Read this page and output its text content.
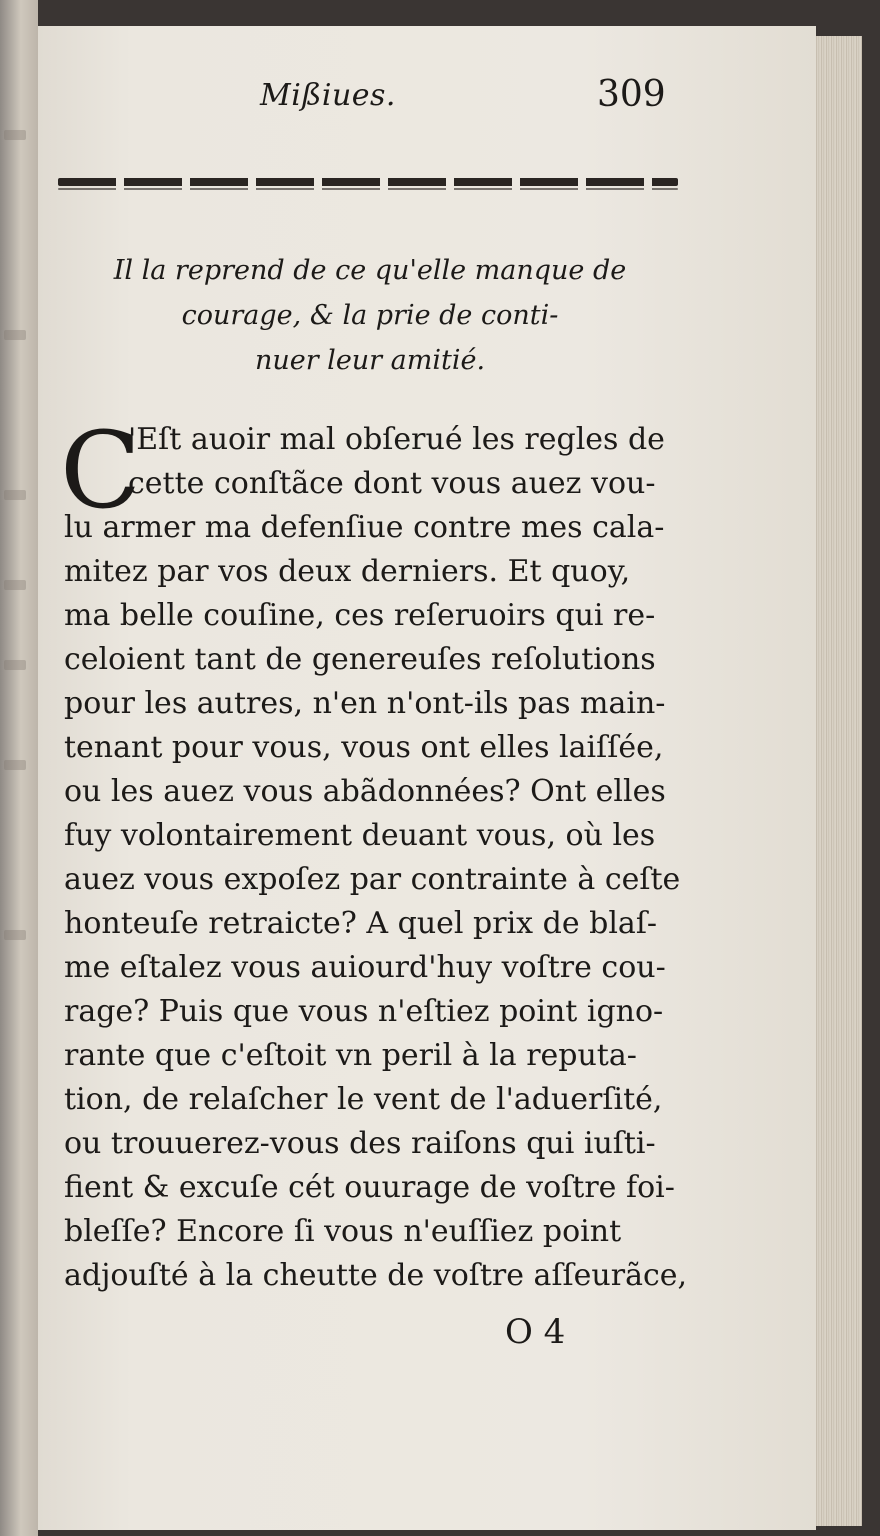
Mißiues.	309
Il la reprend de ce qu'elle manque de
courage, & la prie de conti-
nuer leur amitié.
C
'Eſt auoir mal obſerué les regles de
cette conſtãce dont vous auez vou-
lu armer ma defenſiue contre mes cala-
mitez par vos deux derniers. Et quoy,
ma belle couſine, ces reſeruoirs qui re-
celoient tant de genereuſes reſolutions
pour les autres, n'en n'ont-ils pas main-
tenant pour vous, vous ont elles laiſſée,
ou les auez vous abãdonnées? Ont elles
fuy volontairement deuant vous, où les
auez vous expoſez par contrainte à ceſte
honteuſe retraicte? A quel prix de blaſ-
me eſtalez vous auiourd'huy voſtre cou-
rage? Puis que vous n'eſtiez point igno-
rante que c'eſtoit vn peril à la reputa-
tion, de relaſcher le vent de l'aduerſité,
ou trouuerez-vous des raiſons qui iuſti-
fient & excuſe cét ouurage de voſtre foi-
bleſſe? Encore ſi vous n'euſſiez point
adjouſté à la cheutte de voſtre aſſeurãce,
O 4
